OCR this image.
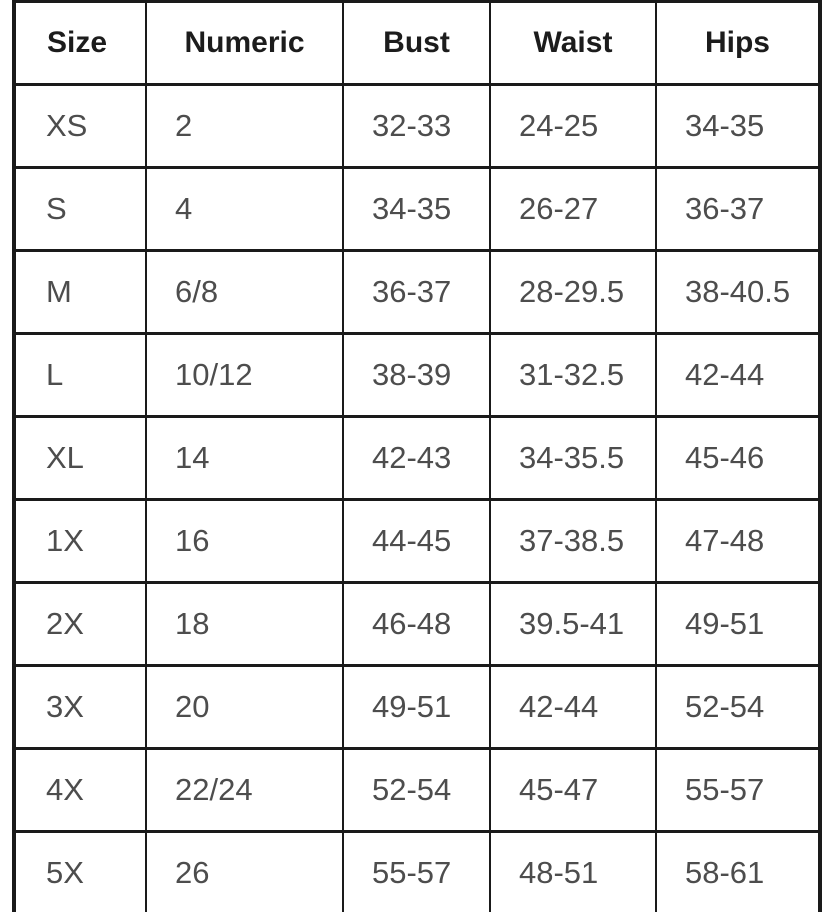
Size	Numeric	Bust	Waist	Hips
XS	2	32-33	24-25	34-35
S	4	34-35	26-27	36-37
M	6/8	36-37	28-29.5	38-40.5
L	10/12	38-39	31-32.5	42-44
XL	14	42-43	34-35.5	45-46
1X	16	44-45	37-38.5	47-48
2X	18	46-48	39.5-41	49-51
3X	20	49-51	42-44	52-54
4X	22/24	52-54	45-47	55-57
5X	26	55-57	48-51	58-61
